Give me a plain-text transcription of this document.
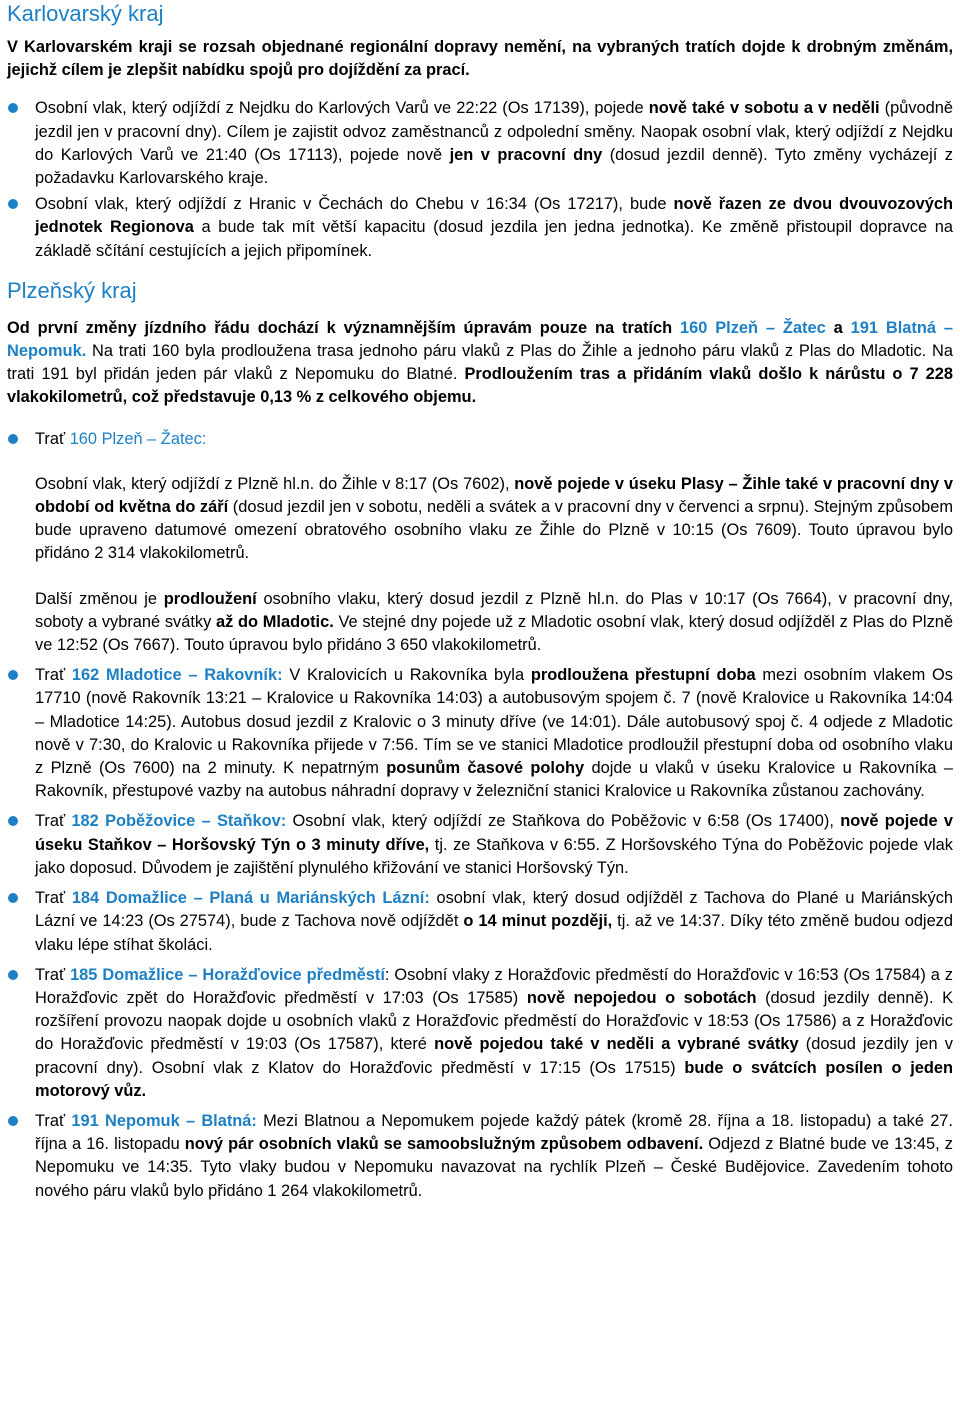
Karlovarský kraj

V Karlovarském kraji se rozsah objednané regionální dopravy nemění, na vybraných tratích dojde k drobným změnám, jejichž cílem je zlepšit nabídku spojů pro dojíždění za prací.

Osobní vlak, který odjíždí z Nejdku do Karlových Varů ve 22:22 (Os 17139), pojede nově také v sobotu a v neděli (původně jezdil jen v pracovní dny). Cílem je zajistit odvoz zaměstnanců z odpolední směny. Naopak osobní vlak, který odjíždí z Nejdku do Karlových Varů ve 21:40 (Os 17113), pojede nově jen v pracovní dny (dosud jezdil denně). Tyto změny vycházejí z požadavku Karlovarského kraje.

Osobní vlak, který odjíždí z Hranic v Čechách do Chebu v 16:34 (Os 17217), bude nově řazen ze dvou dvouvozových jednotek Regionova a bude tak mít větší kapacitu (dosud jezdila jen jedna jednotka). Ke změně přistoupil dopravce na základě sčítání cestujících a jejich připomínek.

Plzeňský kraj

Od první změny jízdního řádu dochází k významnějším úpravám pouze na tratích 160 Plzeň – Žatec a 191 Blatná – Nepomuk. Na trati 160 byla prodloužena trasa jednoho páru vlaků z Plas do Žihle a jednoho páru vlaků z Plas do Mladotic. Na trati 191 byl přidán jeden pár vlaků z Nepomuku do Blatné. Prodloužením tras a přidáním vlaků došlo k nárůstu o 7 228 vlakokilometrů, což představuje 0,13 % z celkového objemu.

Trať 160 Plzeň – Žatec:

Osobní vlak, který odjíždí z Plzně hl.n. do Žihle v 8:17 (Os 7602), nově pojede v úseku Plasy – Žihle také v pracovní dny v období od května do září (dosud jezdil jen v sobotu, neděli a svátek a v pracovní dny v červenci a srpnu). Stejným způsobem bude upraveno datumové omezení obratového osobního vlaku ze Žihle do Plzně v 10:15 (Os 7609). Touto úpravou bylo přidáno 2 314 vlakokilometrů.

Další změnou je prodloužení osobního vlaku, který dosud jezdil z Plzně hl.n. do Plas v 10:17 (Os 7664), v pracovní dny, soboty a vybrané svátky až do Mladotic. Ve stejné dny pojede už z Mladotic osobní vlak, který dosud odjížděl z Plas do Plzně ve 12:52 (Os 7667). Touto úpravou bylo přidáno 3 650 vlakokilometrů.

Trať 162 Mladotice – Rakovník: V Kralovicích u Rakovníka byla prodloužena přestupní doba mezi osobním vlakem Os 17710 (nově Rakovník 13:21 – Kralovice u Rakovníka 14:03) a autobusovým spojem č. 7 (nově Kralovice u Rakovníka 14:04 – Mladotice 14:25). Autobus dosud jezdil z Kralovic o 3 minuty dříve (ve 14:01). Dále autobusový spoj č. 4 odjede z Mladotic nově v 7:30, do Kralovic u Rakovníka přijede v 7:56. Tím se ve stanici Mladotice prodloužil přestupní doba od osobního vlaku z Plzně (Os 7600) na 2 minuty. K nepatrným posunům časové polohy dojde u vlaků v úseku Kralovice u Rakovníka – Rakovník, přestupové vazby na autobus náhradní dopravy v železniční stanici Kralovice u Rakovníka zůstanou zachovány.

Trať 182 Poběžovice – Staňkov: Osobní vlak, který odjíždí ze Staňkova do Poběžovic v 6:58 (Os 17400), nově pojede v úseku Staňkov – Horšovský Týn o 3 minuty dříve, tj. ze Staňkova v 6:55. Z Horšovského Týna do Poběžovic pojede vlak jako doposud. Důvodem je zajištění plynulého křižování ve stanici Horšovský Týn.

Trať 184 Domažlice – Planá u Mariánských Lázní: osobní vlak, který dosud odjížděl z Tachova do Plané u Mariánských Lázní ve 14:23 (Os 27574), bude z Tachova nově odjíždět o 14 minut později, tj. až ve 14:37. Díky této změně budou odjezd vlaku lépe stíhat školáci.

Trať 185 Domažlice – Horažďovice předměstí: Osobní vlaky z Horažďovic předměstí do Horažďovic v 16:53 (Os 17584) a z Horažďovic zpět do Horažďovic předměstí v 17:03 (Os 17585) nově nepojedou o sobotách (dosud jezdily denně). K rozšíření provozu naopak dojde u osobních vlaků z Horažďovic předměstí do Horažďovic v 18:53 (Os 17586) a z Horažďovic do Horažďovic předměstí v 19:03 (Os 17587), které nově pojedou také v neděli a vybrané svátky (dosud jezdily jen v pracovní dny). Osobní vlak z Klatov do Horažďovic předměstí v 17:15 (Os 17515) bude o svátcích posílen o jeden motorový vůz.

Trať 191 Nepomuk – Blatná: Mezi Blatnou a Nepomukem pojede každý pátek (kromě 28. října a 18. listopadu) a také 27. října a 16. listopadu nový pár osobních vlaků se samoobslužným způsobem odbavení. Odjezd z Blatné bude ve 13:45, z Nepomuku ve 14:35. Tyto vlaky budou v Nepomuku navazovat na rychlík Plzeň – České Budějovice. Zavedením tohoto nového páru vlaků bylo přidáno 1 264 vlakokilometrů.
